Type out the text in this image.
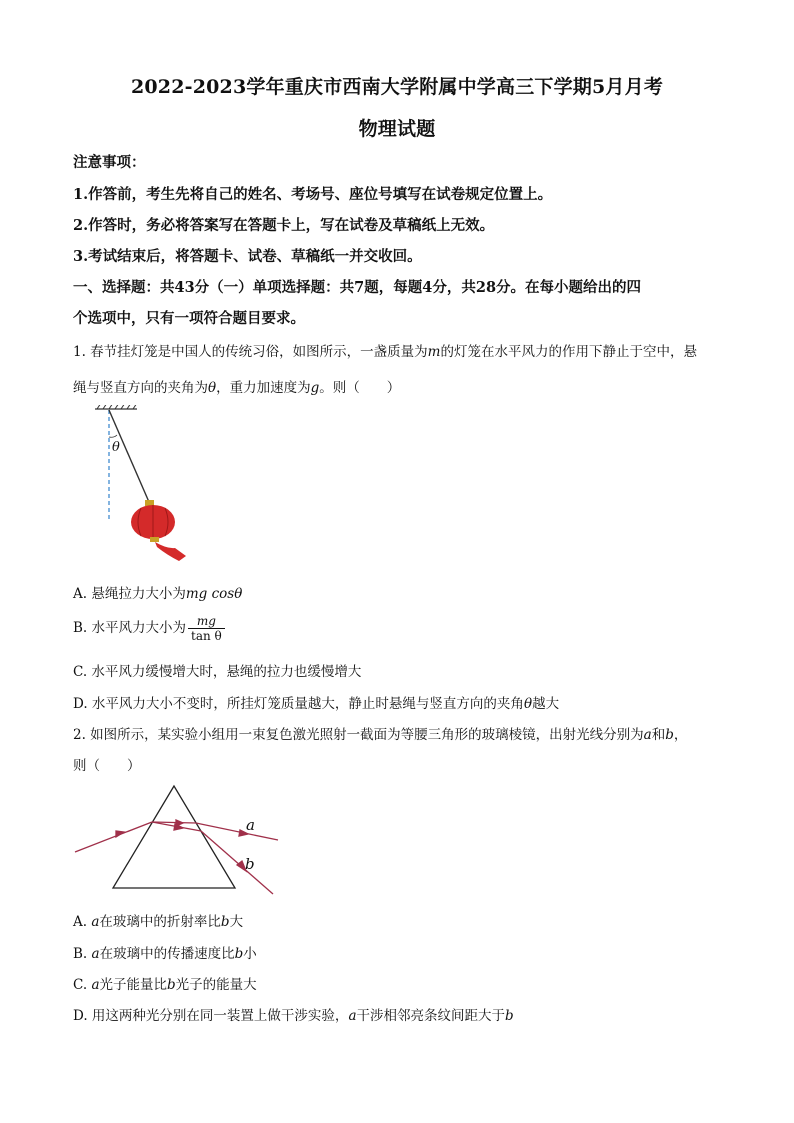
2022-2023学年重庆市西南大学附属中学高三下学期5月月考
物理试题
注意事项：
1.作答前，考生先将自己的姓名、考场号、座位号填写在试卷规定位置上。
2.作答时，务必将答案写在答题卡上，写在试卷及草稿纸上无效。
3.考试结束后，将答题卡、试卷、草稿纸一并交收回。
一、选择题：共43分（一）单项选择题：共7题，每题4分，共28分。在每小题给出的四
个选项中，只有一项符合题目要求。
1. 春节挂灯笼是中国人的传统习俗，如图所示，一盏质量为m的灯笼在水平风力的作用下静止于空中，悬
绳与竖直方向的夹角为θ，重力加速度为g。则（　　）
θ
A. 悬绳拉力大小为mg cosθ
B. 水平风力大小为 $\frac{mg}{\text{tan θ}}$
C. 水平风力缓慢增大时，悬绳的拉力也缓慢增大
D. 水平风力大小不变时，所挂灯笼质量越大，静止时悬绳与竖直方向的夹角θ越大
2. 如图所示，某实验小组用一束复色激光照射一截面为等腰三角形的玻璃棱镜，出射光线分别为a和b，
则（　　）
a
b
A. a在玻璃中的折射率比b大
B. a在玻璃中的传播速度比b小
C. a光子能量比b光子的能量大
D. 用这两种光分别在同一装置上做干涉实验，a干涉相邻亮条纹间距大于b
